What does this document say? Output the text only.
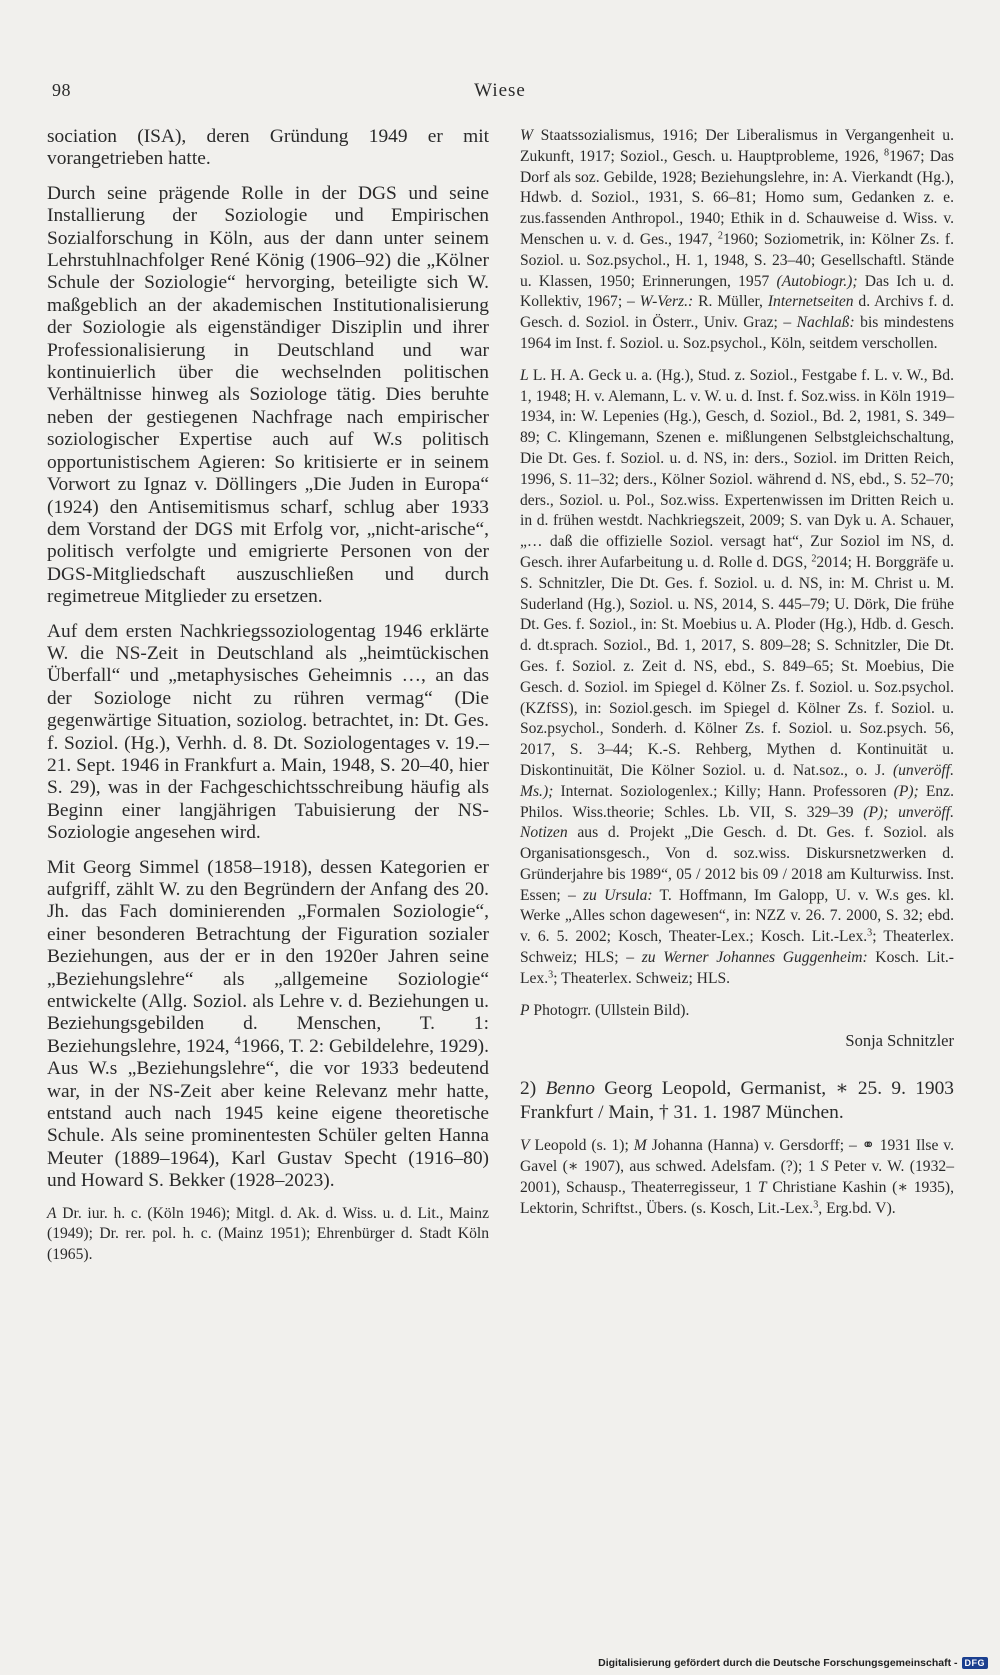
98	Wiese

sociation (ISA), deren Gründung 1949 er mit vorangetrieben hatte.

Durch seine prägende Rolle in der DGS und seine Installierung der Soziologie und Empirischen Sozialforschung in Köln, aus der dann unter seinem Lehrstuhlnachfolger René König (1906–92) die „Kölner Schule der Soziologie“ hervorging, beteiligte sich W. maßgeblich an der akademischen Institutionalisierung der Soziologie als eigenständiger Disziplin und ihrer Professionalisierung in Deutschland und war kontinuierlich über die wechselnden politischen Verhältnisse hinweg als Soziologe tätig. Dies beruhte neben der gestiegenen Nachfrage nach empirischer soziologischer Expertise auch auf W.s politisch opportunistischem Agieren: So kritisierte er in seinem Vorwort zu Ignaz v. Döllingers „Die Juden in Europa“ (1924) den Antisemitismus scharf, schlug aber 1933 dem Vorstand der DGS mit Erfolg vor, „nicht-arische“, politisch verfolgte und emigrierte Personen von der DGS-Mitgliedschaft auszuschließen und durch regimetreue Mitglieder zu ersetzen.

Auf dem ersten Nachkriegssoziologentag 1946 erklärte W. die NS-Zeit in Deutschland als „heimtückischen Überfall“ und „metaphysisches Geheimnis …, an das der Soziologe nicht zu rühren vermag“ (Die gegenwärtige Situation, soziolog. betrachtet, in: Dt. Ges. f. Soziol. (Hg.), Verhh. d. 8. Dt. Soziologentages v. 19.–21. Sept. 1946 in Frankfurt a. Main, 1948, S. 20–40, hier S. 29), was in der Fachgeschichtsschreibung häufig als Beginn einer langjährigen Tabuisierung der NS-Soziologie angesehen wird.

Mit Georg Simmel (1858–1918), dessen Kategorien er aufgriff, zählt W. zu den Begründern der Anfang des 20. Jh. das Fach dominierenden „Formalen Soziologie“, einer besonderen Betrachtung der Figuration sozialer Beziehungen, aus der er in den 1920er Jahren seine „Beziehungslehre“ als „allgemeine Soziologie“ entwickelte (Allg. Soziol. als Lehre v. d. Beziehungen u. Beziehungsgebilden d. Menschen, T. 1: Beziehungslehre, 1924, $^4$1966, T. 2: Gebildelehre, 1929). Aus W.s „Beziehungslehre“, die vor 1933 bedeutend war, in der NS-Zeit aber keine Relevanz mehr hatte, entstand auch nach 1945 keine eigene theoretische Schule. Als seine prominentesten Schüler gelten Hanna Meuter (1889–1964), Karl Gustav Specht (1916–80) und Howard S. Bekker (1928–2023).

A Dr. iur. h. c. (Köln 1946); Mitgl. d. Ak. d. Wiss. u. d. Lit., Mainz (1949); Dr. rer. pol. h. c. (Mainz 1951); Ehrenbürger d. Stadt Köln (1965).

W Staatssozialismus, 1916; Der Liberalismus in Vergangenheit u. Zukunft, 1917; Soziol., Gesch. u. Hauptprobleme, 1926, $^8$1967; Das Dorf als soz. Gebilde, 1928; Beziehungslehre, in: A. Vierkandt (Hg.), Hdwb. d. Soziol., 1931, S. 66–81; Homo sum, Gedanken z. e. zus.fassenden Anthropol., 1940; Ethik in d. Schauweise d. Wiss. v. Menschen u. v. d. Ges., 1947, $^2$1960; Soziometrik, in: Kölner Zs. f. Soziol. u. Soz.psychol., H. 1, 1948, S. 23–40; Gesellschaftl. Stände u. Klassen, 1950; Erinnerungen, 1957 (Autobiogr.); Das Ich u. d. Kollektiv, 1967; – W-Verz.: R. Müller, Internetseiten d. Archivs f. d. Gesch. d. Soziol. in Österr., Univ. Graz; – Nachlaß: bis mindestens 1964 im Inst. f. Soziol. u. Soz.psychol., Köln, seitdem verschollen.

L L. H. A. Geck u. a. (Hg.), Stud. z. Soziol., Festgabe f. L. v. W., Bd. 1, 1948; H. v. Alemann, L. v. W. u. d. Inst. f. Soz.wiss. in Köln 1919–1934, in: W. Lepenies (Hg.), Gesch, d. Soziol., Bd. 2, 1981, S. 349–89; C. Klingemann, Szenen e. mißlungenen Selbstgleichschaltung, Die Dt. Ges. f. Soziol. u. d. NS, in: ders., Soziol. im Dritten Reich, 1996, S. 11–32; ders., Kölner Soziol. während d. NS, ebd., S. 52–70; ders., Soziol. u. Pol., Soz.wiss. Expertenwissen im Dritten Reich u. in d. frühen westdt. Nachkriegszeit, 2009; S. van Dyk u. A. Schauer, „… daß die offizielle Soziol. versagt hat“, Zur Soziol im NS, d. Gesch. ihrer Aufarbeitung u. d. Rolle d. DGS, $^2$2014; H. Borggräfe u. S. Schnitzler, Die Dt. Ges. f. Soziol. u. d. NS, in: M. Christ u. M. Suderland (Hg.), Soziol. u. NS, 2014, S. 445–79; U. Dörk, Die frühe Dt. Ges. f. Soziol., in: St. Moebius u. A. Ploder (Hg.), Hdb. d. Gesch. d. dt.sprach. Soziol., Bd. 1, 2017, S. 809–28; S. Schnitzler, Die Dt. Ges. f. Soziol. z. Zeit d. NS, ebd., S. 849–65; St. Moebius, Die Gesch. d. Soziol. im Spiegel d. Kölner Zs. f. Soziol. u. Soz.psychol. (KZfSS), in: Soziol.gesch. im Spiegel d. Kölner Zs. f. Soziol. u. Soz.psychol., Sonderh. d. Kölner Zs. f. Soziol. u. Soz.psych. 56, 2017, S. 3–44; K.-S. Rehberg, Mythen d. Kontinuität u. Diskontinuität, Die Kölner Soziol. u. d. Nat.soz., o. J. (unveröff. Ms.); Internat. Soziologenlex.; Killy; Hann. Professoren (P); Enz. Philos. Wiss.theorie; Schles. Lb. VII, S. 329–39 (P); unveröff. Notizen aus d. Projekt „Die Gesch. d. Dt. Ges. f. Soziol. als Organisationsgesch., Von d. soz.wiss. Diskursnetzwerken d. Gründerjahre bis 1989“, 05 / 2012 bis 09 / 2018 am Kulturwiss. Inst. Essen; – zu Ursula: T. Hoffmann, Im Galopp, U. v. W.s ges. kl. Werke „Alles schon dagewesen“, in: NZZ v. 26. 7. 2000, S. 32; ebd. v. 6. 5. 2002; Kosch, Theater-Lex.; Kosch. Lit.-Lex.$^3$; Theaterlex. Schweiz; HLS; – zu Werner Johannes Guggenheim: Kosch. Lit.-Lex.$^3$; Theaterlex. Schweiz; HLS.

P Photogrr. (Ullstein Bild).

Sonja Schnitzler

2) Benno Georg Leopold, Germanist, ∗ 25. 9. 1903 Frankfurt / Main, † 31. 1. 1987 München.

V Leopold (s. 1); M Johanna (Hanna) v. Gersdorff; – ⚭ 1931 Ilse v. Gavel (∗ 1907), aus schwed. Adelsfam. (?); 1 S Peter v. W. (1932–2001), Schausp., Theaterregisseur, 1 T Christiane Kashin (∗ 1935), Lektorin, Schriftst., Übers. (s. Kosch, Lit.-Lex.$^3$, Erg.bd. V).

Digitalisierung gefördert durch die Deutsche Forschungsgemeinschaft - DFG
